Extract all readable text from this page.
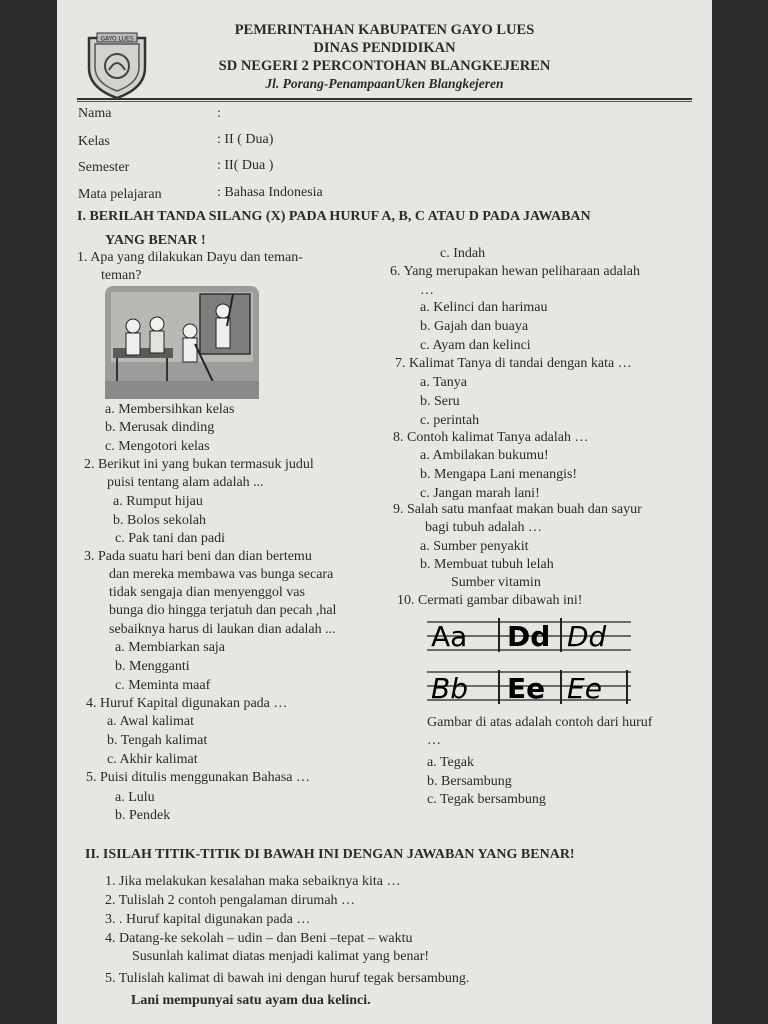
GAYO LUES
PEMERINTAHAN KABUPATEN GAYO LUES
DINAS PENDIDIKAN
SD NEGERI 2 PERCONTOHAN BLANGKEJEREN
Jl. Porang-PenampaanUken Blangkejeren
Nama	:
Kelas	: II ( Dua)
Semester	: II( Dua )
Mata pelajaran	: Bahasa Indonesia
I. BERILAH TANDA SILANG (X) PADA HURUF A, B, C ATAU D PADA JAWABAN
YANG BENAR !
1. Apa yang dilakukan Dayu dan teman-
teman?
a. Membersihkan kelas
b. Merusak dinding
c. Mengotori kelas
2. Berikut ini yang bukan termasuk judul
puisi tentang alam adalah ...
a. Rumput hijau
b. Bolos sekolah
c. Pak tani dan padi
3. Pada suatu hari beni dan dian bertemu
dan mereka membawa vas bunga secara
tidak sengaja dian menyenggol vas
bunga dio hingga terjatuh dan pecah ,hal
sebaiknya harus di laukan dian adalah ...
a. Membiarkan saja
b. Mengganti
c. Meminta maaf
4. Huruf Kapital digunakan pada …
a. Awal kalimat
b. Tengah kalimat
c. Akhir kalimat
5. Puisi ditulis menggunakan Bahasa …
a. Lulu
b. Pendek
c. Indah
6. Yang merupakan hewan peliharaan adalah
…
a. Kelinci dan harimau
b. Gajah dan buaya
c. Ayam dan kelinci
7. Kalimat Tanya di tandai dengan kata …
a. Tanya
b. Seru
c. perintah
8. Contoh kalimat Tanya adalah …
a. Ambilakan bukumu!
b. Mengapa Lani menangis!
c. Jangan marah lani!
9. Salah satu manfaat makan buah dan sayur
bagi tubuh adalah …
a. Sumber penyakit
b. Membuat tubuh lelah
Sumber vitamin
10. Cermati gambar dibawah ini!
Aa Dd Dd
Bb Ee Ee
Gambar di atas adalah contoh dari huruf
…
a. Tegak
b. Bersambung
c. Tegak bersambung
II. ISILAH TITIK-TITIK DI BAWAH INI DENGAN JAWABAN YANG BENAR!
1. Jika melakukan kesalahan maka sebaiknya kita …
2. Tulislah 2 contoh pengalaman dirumah …
3. . Huruf kapital digunakan pada …
4. Datang-ke sekolah – udin – dan Beni –tepat – waktu
Susunlah kalimat diatas menjadi kalimat yang benar!
5. Tulislah kalimat di bawah ini dengan huruf tegak bersambung.
Lani mempunyai satu ayam dua kelinci.
